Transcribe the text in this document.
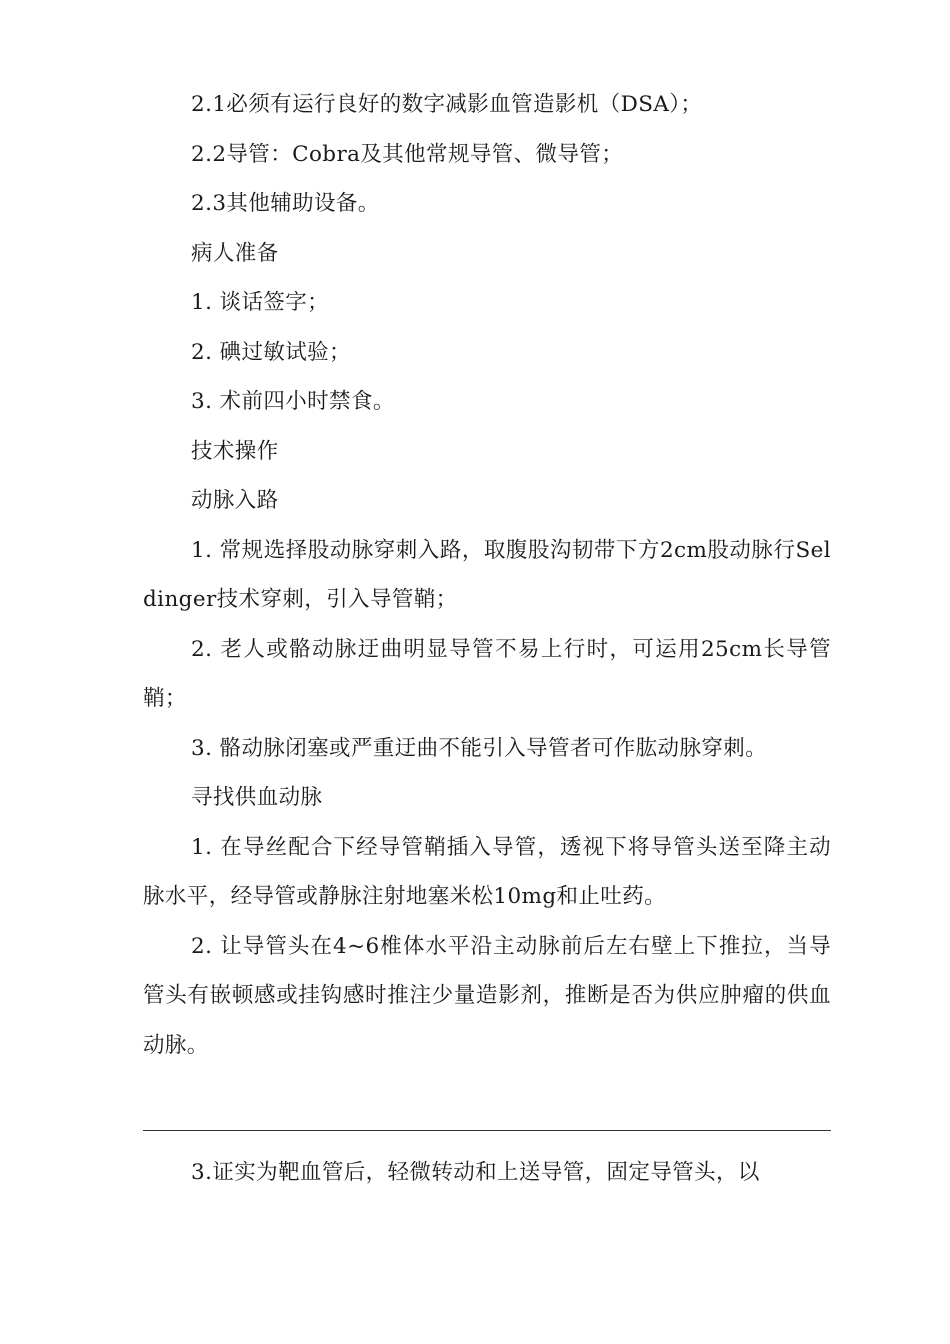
2.1必须有运行良好的数字减影血管造影机（DSA）；

2.2导管：Cobra及其他常规导管、微导管；

2.3其他辅助设备。

病人准备

1. 谈话签字；

2. 碘过敏试验；

3. 术前四小时禁食。

技术操作

动脉入路

1. 常规选择股动脉穿刺入路，取腹股沟韧带下方2cm股动脉行Seldinger技术穿刺，引入导管鞘；

2. 老人或骼动脉迂曲明显导管不易上行时，可运用25cm长导管鞘；

3. 骼动脉闭塞或严重迂曲不能引入导管者可作肱动脉穿刺。

寻找供血动脉

1. 在导丝配合下经导管鞘插入导管，透视下将导管头送至降主动脉水平，经导管或静脉注射地塞米松10mg和止吐药。

2. 让导管头在4~6椎体水平沿主动脉前后左右壁上下推拉，当导管头有嵌顿感或挂钩感时推注少量造影剂，推断是否为供应肿瘤的供血动脉。

3.证实为靶血管后，轻微转动和上送导管，固定导管头，以
